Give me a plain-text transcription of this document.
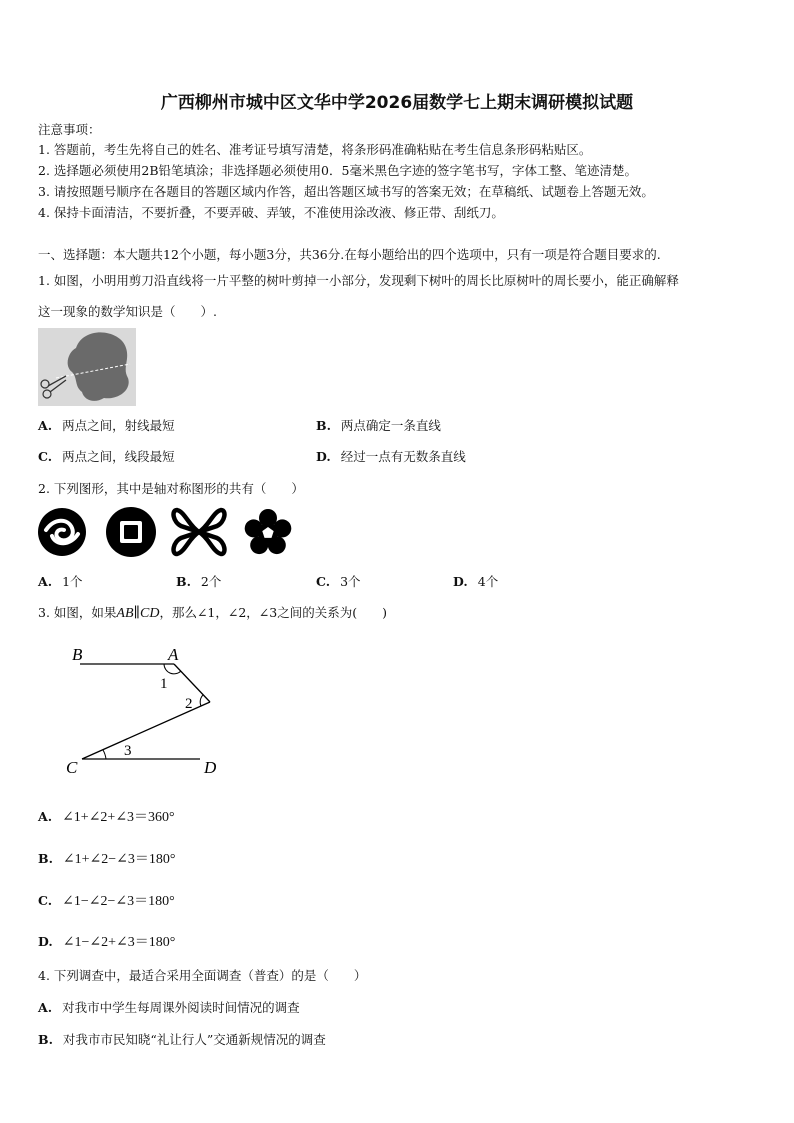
广西柳州市城中区文华中学2026届数学七上期末调研模拟试题
注意事项：
1. 答题前，考生先将自己的姓名、准考证号填写清楚，将条形码准确粘贴在考生信息条形码粘贴区。
2. 选择题必须使用2B铅笔填涂；非选择题必须使用0．5毫米黑色字迹的签字笔书写，字体工整、笔迹清楚。
3. 请按照题号顺序在各题目的答题区域内作答，超出答题区域书写的答案无效；在草稿纸、试题卷上答题无效。
4. 保持卡面清洁，不要折叠，不要弄破、弄皱，不准使用涂改液、修正带、刮纸刀。
一、选择题：本大题共12个小题，每小题3分，共36分.在每小题给出的四个选项中，只有一项是符合题目要求的.
1. 如图，小明用剪刀沿直线将一片平整的树叶剪掉一小部分，发现剩下树叶的周长比原树叶的周长要小，能正确解释
这一现象的数学知识是（　　）.
A. 两点之间，射线最短	B. 两点确定一条直线
C. 两点之间，线段最短	D. 经过一点有无数条直线
2. 下列图形，其中是轴对称图形的共有（　　）
A. 1个	B. 2个	C. 3个	D. 4个
3. 如图，如果AB∥CD，那么∠1，∠2，∠3之间的关系为(　　)
B	A
C	D
1
2
3
A. ∠1+∠2+∠3＝360°
B. ∠1+∠2−∠3＝180°
C. ∠1−∠2−∠3＝180°
D. ∠1−∠2+∠3＝180°
4. 下列调查中，最适合采用全面调查（普查）的是（　　）
A. 对我市中学生每周课外阅读时间情况的调查
B. 对我市市民知晓“礼让行人”交通新规情况的调查
